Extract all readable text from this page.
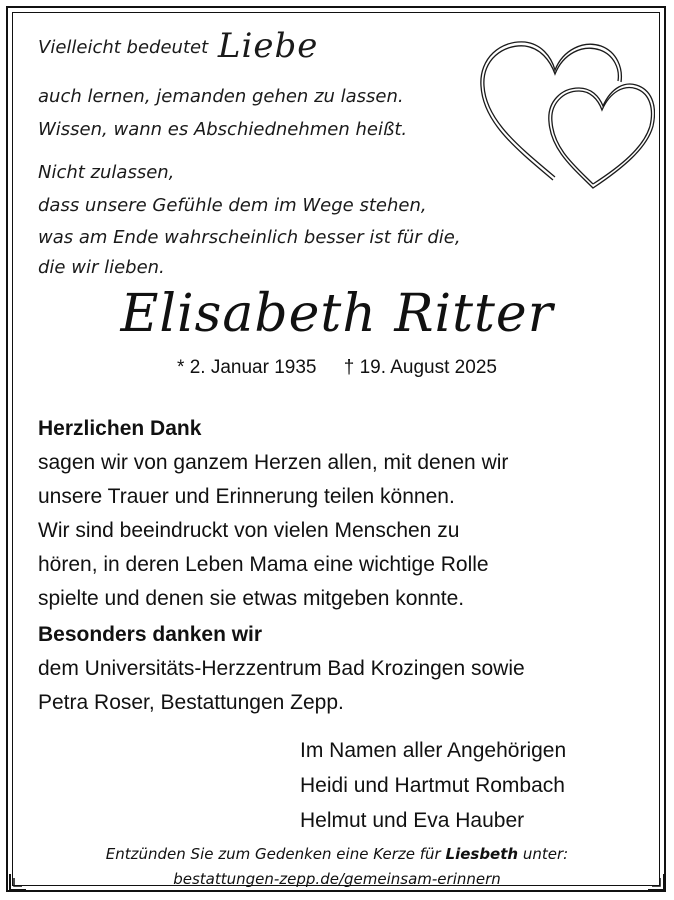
Vielleicht bedeutet Liebe
auch lernen, jemanden gehen zu lassen.
Wissen, wann es Abschiednehmen heißt.
Nicht zulassen,
dass unsere Gefühle dem im Wege stehen,
was am Ende wahrscheinlich besser ist für die,
die wir lieben.
Elisabeth Ritter
* 2. Januar 1935 † 19. August 2025
Herzlichen Dank
sagen wir von ganzem Herzen allen, mit denen wir
unsere Trauer und Erinnerung teilen können.
Wir sind beeindruckt von vielen Menschen zu
hören, in deren Leben Mama eine wichtige Rolle
spielte und denen sie etwas mitgeben konnte.
Besonders danken wir
dem Universitäts-Herzzentrum Bad Krozingen sowie
Petra Roser, Bestattungen Zepp.
Im Namen aller Angehörigen
Heidi und Hartmut Rombach
Helmut und Eva Hauber
Entzünden Sie zum Gedenken eine Kerze für Liesbeth unter:
bestattungen-zepp.de/gemeinsam-erinnern
